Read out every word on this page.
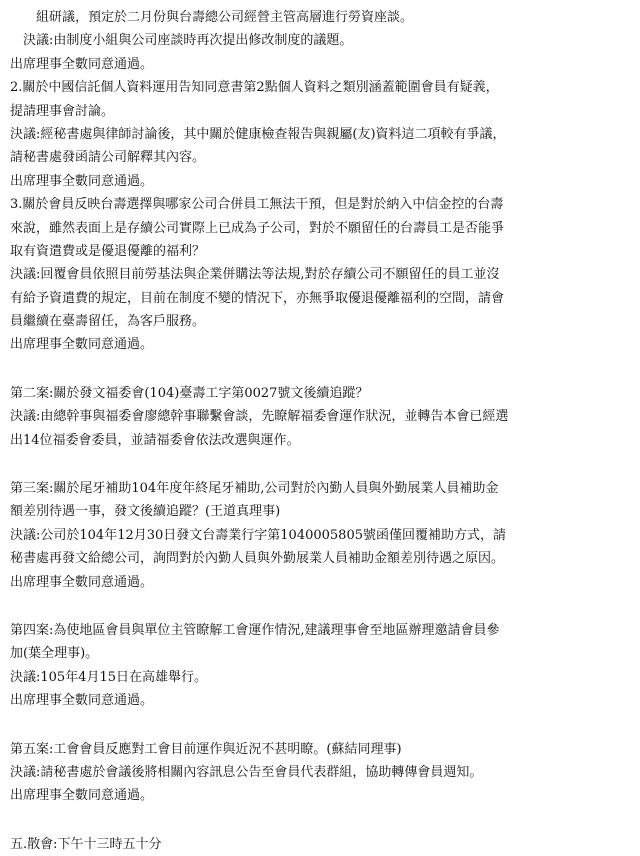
組研議，預定於二月份與台壽總公司經營主管高層進行勞資座談。
決議:由制度小組與公司座談時再次提出修改制度的議題。
出席理事全數同意通過。
2.關於中國信託個人資料運用告知同意書第2點個人資料之類別涵蓋範圍會員有疑義，
提請理事會討論。
決議:經秘書處與律師討論後，其中關於健康檢查報告與親屬(友)資料這二項較有爭議，
請秘書處發函請公司解釋其內容。
出席理事全數同意通過。
3.關於會員反映台壽選擇與哪家公司合併員工無法干預，但是對於納入中信金控的台壽
來說，雖然表面上是存續公司實際上已成為子公司，對於不願留任的台壽員工是否能爭
取有資遣費或是優退優離的福利？
決議:回覆會員依照目前勞基法與企業併購法等法規,對於存續公司不願留任的員工並沒
有給予資遣費的規定，目前在制度不變的情況下，亦無爭取優退優離福利的空間，請會
員繼續在臺壽留任，為客戶服務。
出席理事全數同意通過。
第二案:關於發文福委會(104)臺壽工字第0027號文後續追蹤？
決議:由總幹事與福委會廖總幹事聯繫會談，先瞭解福委會運作狀況，並轉告本會已經選
出14位福委會委員，並請福委會依法改選與運作。
第三案:關於尾牙補助104年度年終尾牙補助,公司對於內勤人員與外勤展業人員補助金
額差別待遇一事，發文後續追蹤？(王道真理事)
決議:公司於104年12月30日發文台壽業行字第1040005805號函僅回覆補助方式，請
秘書處再發文給總公司，詢問對於內勤人員與外勤展業人員補助金額差別待遇之原因。
出席理事全數同意通過。
第四案:為使地區會員與單位主管瞭解工會運作情況,建議理事會至地區辦理邀請會員參
加(葉全理事)。
決議:105年4月15日在高雄舉行。
出席理事全數同意通過。
第五案:工會會員反應對工會目前運作與近況不甚明瞭。(蘇結同理事)
決議:請秘書處於會議後將相關內容訊息公告至會員代表群組，協助轉傳會員週知。
出席理事全數同意通過。
五.散會:下午十三時五十分
